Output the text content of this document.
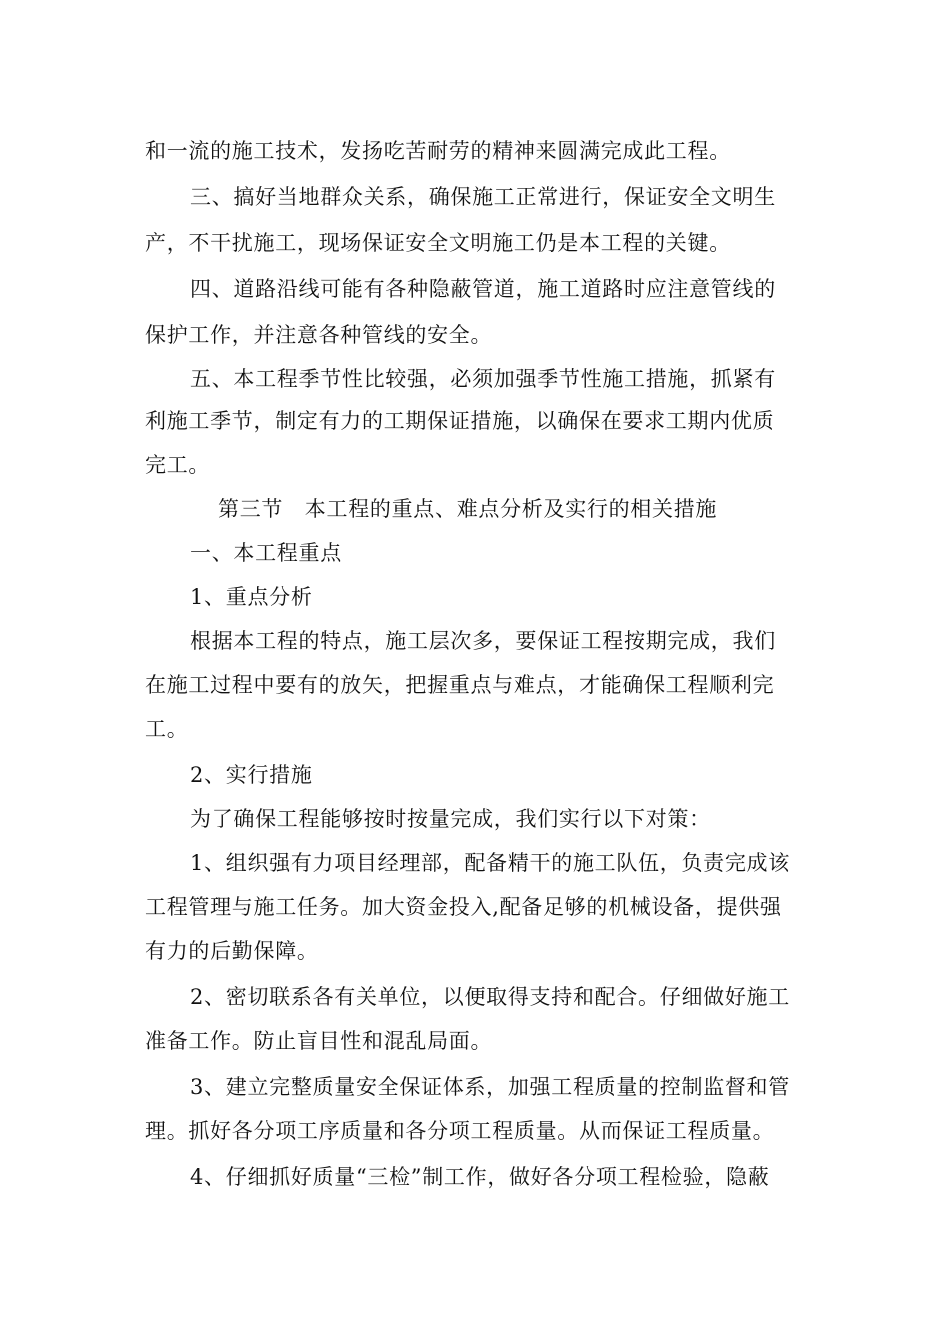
和一流的施工技术，发扬吃苦耐劳的精神来圆满完成此工程。
三、搞好当地群众关系，确保施工正常进行，保证安全文明生
产，不干扰施工，现场保证安全文明施工仍是本工程的关键。
四、道路沿线可能有各种隐蔽管道，施工道路时应注意管线的
保护工作，并注意各种管线的安全。
五、本工程季节性比较强，必须加强季节性施工措施，抓紧有
利施工季节，制定有力的工期保证措施，以确保在要求工期内优质
完工。
第三节　本工程的重点、难点分析及实行的相关措施
一、本工程重点
1、重点分析
根据本工程的特点，施工层次多，要保证工程按期完成，我们
在施工过程中要有的放矢，把握重点与难点，才能确保工程顺利完
工。
2、实行措施
为了确保工程能够按时按量完成，我们实行以下对策：
1、组织强有力项目经理部，配备精干的施工队伍，负责完成该
工程管理与施工任务。加大资金投入,配备足够的机械设备，提供强
有力的后勤保障。
2、密切联系各有关单位，以便取得支持和配合。仔细做好施工
准备工作。防止盲目性和混乱局面。
3、建立完整质量安全保证体系，加强工程质量的控制监督和管
理。抓好各分项工序质量和各分项工程质量。从而保证工程质量。
4、仔细抓好质量“三检”制工作，做好各分项工程检验，隐蔽
